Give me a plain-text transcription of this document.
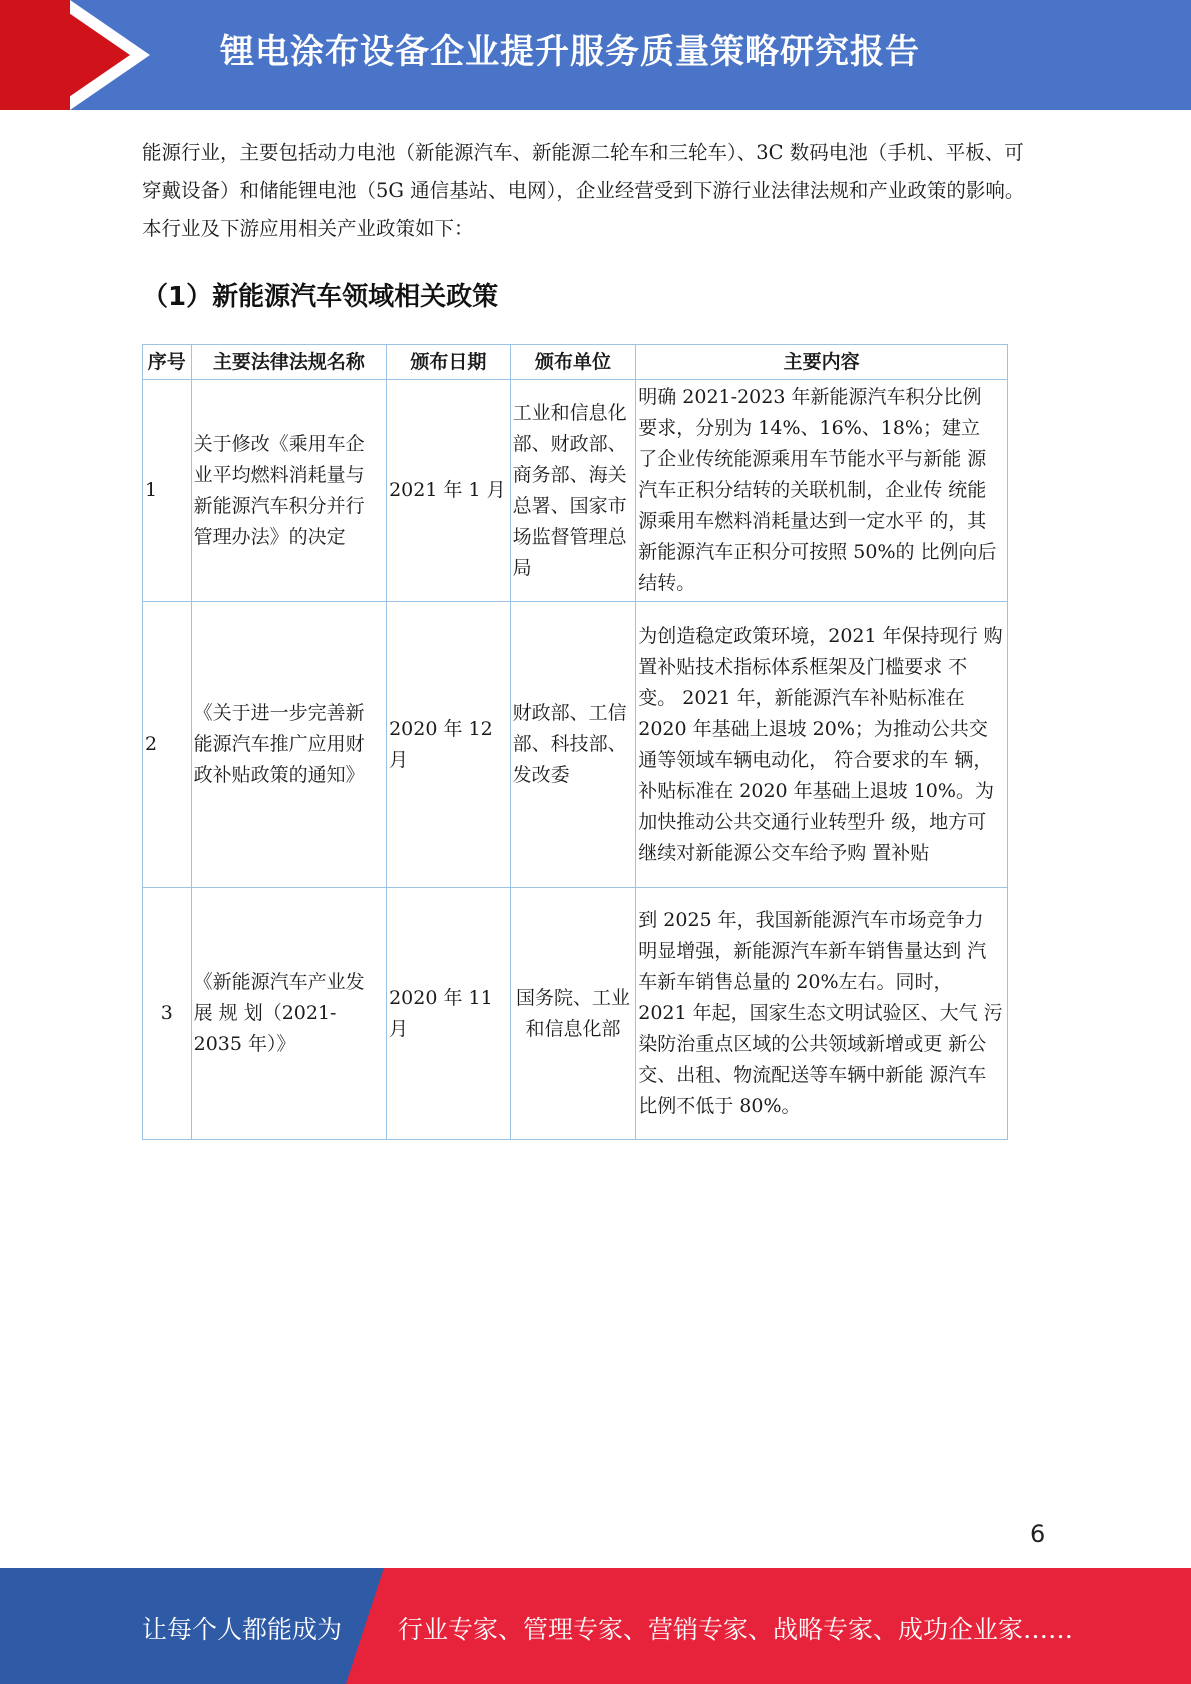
锂电涂布设备企业提升服务质量策略研究报告
能源行业，主要包括动力电池（新能源汽车、新能源二轮车和三轮车）、3C 数码电池（手机、平板、可穿戴设备）和储能锂电池（5G 通信基站、电网），企业经营受到下游行业法律法规和产业政策的影响。本行业及下游应用相关产业政策如下：
（1）新能源汽车领域相关政策
序号	主要法律法规名称	颁布日期	颁布单位	主要内容
1	关于修改《乘用车企 业平均燃料消耗量与 新能源汽车积分并行 管理办法》的决定	2021 年 1 月	工业和信息化部、财政部、商务部、海关总署、国家市场监督管理总局	明确 2021-2023 年新能源汽车积分比例 要求，分别为 14%、16%、18%；建立 了企业传统能源乘用车节能水平与新能 源汽车正积分结转的关联机制，企业传 统能源乘用车燃料消耗量达到一定水平 的，其新能源汽车正积分可按照 50%的 比例向后结转。
2	《关于进一步完善新 能源汽车推广应用财 政补贴政策的通知》	2020 年 12 月	财政部、工信部、科技部、发改委	为创造稳定政策环境，2021 年保持现行 购置补贴技术指标体系框架及门槛要求 不变。 2021 年，新能源汽车补贴标准在 2020 年基础上退坡 20%；为推动公共交 通等领域车辆电动化， 符合要求的车 辆， 补贴标准在 2020 年基础上退坡 10%。为加快推动公共交通行业转型升 级，地方可继续对新能源公交车给予购 置补贴
3	《新能源汽车产业发 展 规 划（2021-2035 年）》	2020 年 11 月	国务院、工业和信息化部	到 2025 年，我国新能源汽车市场竞争力 明显增强，新能源汽车新车销售量达到 汽车新车销售总量的 20%左右。同时， 2021 年起，国家生态文明试验区、大气 污染防治重点区域的公共领域新增或更 新公交、出租、物流配送等车辆中新能 源汽车比例不低于 80%。
6
让每个人都能成为 行业专家、管理专家、营销专家、战略专家、成功企业家……
